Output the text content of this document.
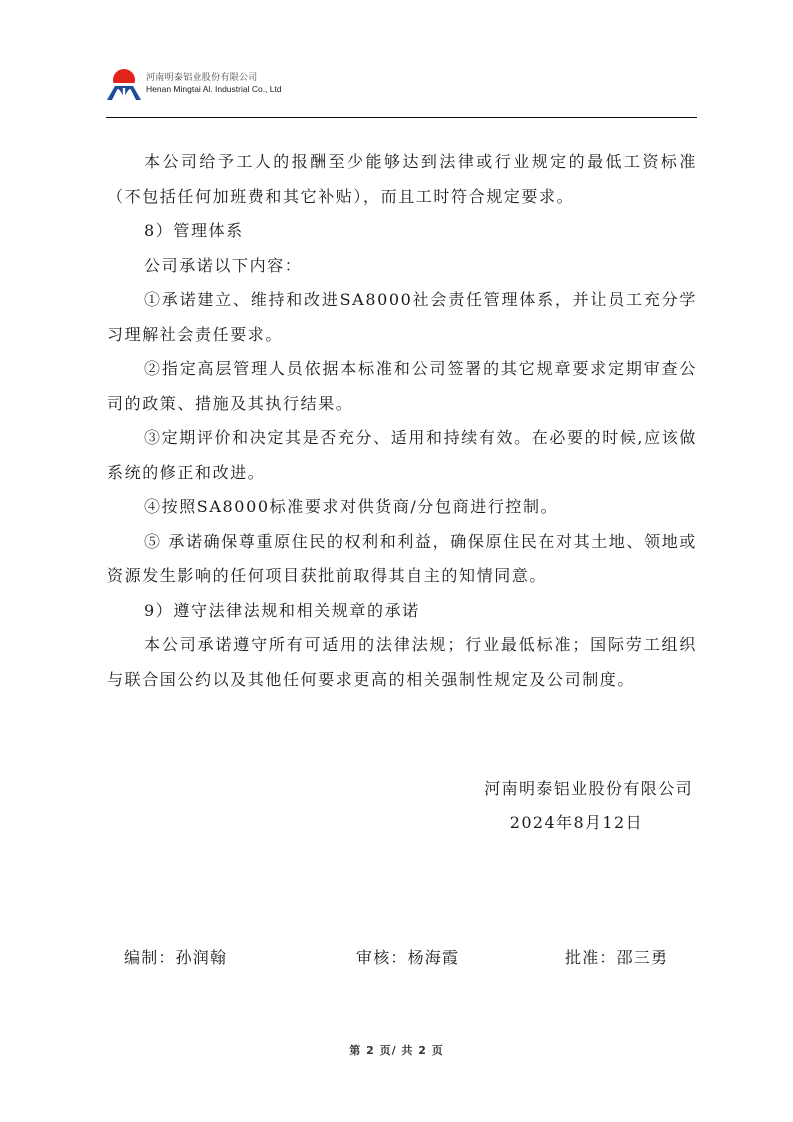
河南明泰铝业股份有限公司
Henan Mingtai Al. Industrial Co., Ltd

本公司给予工人的报酬至少能够达到法律或行业规定的最低工资标准（不包括任何加班费和其它补贴），而且工时符合规定要求。

8）管理体系

公司承诺以下内容：

①承诺建立、维持和改进SA8000社会责任管理体系，并让员工充分学习理解社会责任要求。

②指定高层管理人员依据本标准和公司签署的其它规章要求定期审查公司的政策、措施及其执行结果。

③定期评价和决定其是否充分、适用和持续有效。在必要的时候,应该做系统的修正和改进。

④按照SA8000标准要求对供货商/分包商进行控制。

⑤ 承诺确保尊重原住民的权利和利益，确保原住民在对其土地、领地或资源发生影响的任何项目获批前取得其自主的知情同意。

9）遵守法律法规和相关规章的承诺

本公司承诺遵守所有可适用的法律法规；行业最低标准；国际劳工组织与联合国公约以及其他任何要求更高的相关强制性规定及公司制度。

河南明泰铝业股份有限公司
2024年8月12日
编制：孙润翰	审核：杨海霞	批准：邵三勇
第 2 页/ 共 2 页
